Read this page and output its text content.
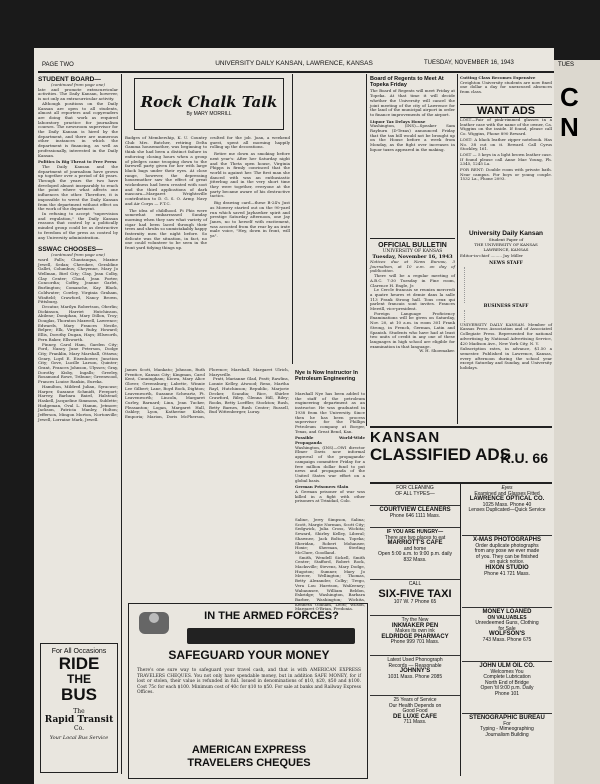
PAGE TWO	UNIVERSITY DAILY KANSAN, LAWRENCE, KANSAS	TUESDAY, NOVEMBER 16, 1943
STUDENT BOARD—
(continued from page one)
late and promote extracurricular activities. The Daily Kansan, however, is not only an extracurricular activity.
Although positions on the Daily Kansan are open to all students, almost all reporters and copyreaders are doing that work as required laboratory practice for journalism courses. The newsroom supervisor for the Daily Kansan is hired by the department, and there are numerous other instances in which the department is financing, as well as professionally, interested in the Daily Kansan.
Politics Is Big Threat to Free Press
The Daily Kansan and the department of journalism have grown up together over a period of 46 years. Through the years the two have developed almost inseparably to reach the point where what affects one influences the other. Therefore, it is impossible to wrest the Daily Kansan from the department without effect on the work of the department.
In refusing to accept "supervision and regulation," the Daily Kansan reasons that control by a politically minded group could be as destructive to freedom of the press as control by any University administration.
SSWAC CHOOSES—
(continued from page one)
ward Falls; Chautauqua, Maxine Jewell, Sedan; Cherokee, Geraldine Gallet, Columbus; Cheyenne, Mary Jo Wellman, Bird City; Clay, Jean Colby, Clay Center; Cloud, Jean Porter, Concordia; Coffey, Jeanne Garlet, Burlington; Comanche, Kay Black, Coldwater; Cowley, Virginia Graham, Winfield; Crawford, Nancy Brown, Pittsburg.
Decatur, Marilyn Robertson, Oberlin; Dickinson, Harriet Hutchinson, Abilene; Doniphan, Mary Dillon, Troy; Douglas, Thornton Maxwell, Lawrence; Edwards, Mary Frances Nestle, Belpre; Elk, Virginia Ruby, Howard; Ellis, Dorothy Dugan, Hays; Ellsworth, Fern Baker, Ellsworth.
Finney, Carol Ham, Garden City; Ford, Nancy June Peterson, Dodge City; Franklin, Mary Marshall, Ottawa; Geary, Loyd E. Eisenhower, Junction City; Gove, Lucille Larson, Quinter; Grant, Frances Johnson, Ulysses; Gray, Dorothy Kisby, Ingalls; Greeley, Rosamond Rowe, Tribune; Greenwood, Frances Louise Rankin, Eureka.
Hamilton, Mildred Julian, Syracuse; Harper, Suzanne Schmidt, Freeport; Harvey, Barbara Baird, Halstead; Haskell, Jacqueline Simmons, Sublette; Hodgeman, Oval L. Hamm, Jetmore; Jackson, Patricia Manley, Holton; Jefferson, Mingon Morton, Nortonville; Jewell, Lorraine Mark, Jewell.
For All Occasions
RIDE
THE
BUS
The
Rapid Transit
Co.
Your Local Bus Service
Rock Chalk Talk
By MARY MORRILL
Badges of Membership, K. U. Country Club Mrs. Butcher, retiring Delta Gamma housemother, was beginning to think she had been a distinct failure in enforcing closing hours when a group of pledges came trooping down to the farewell party given for her with large black bags under their eyes. At close range, however, the depressing housemother saw the effect of great wickedness had been created with soot and the third applications of dark mascara—Margaret Wrightsville contribution to D. G. S. O. Army, Navy and Air Corps — F.T.C.
The idea of childhood. Pi Phis were somewhat embarrassed Sunday morning when they saw what variety of cigar had been laced through their trees and shrubs so unmistakably happy fraternity men the night before. So delicate was the situation, in fact, no one could volunteer to be seen in the front yard tidying things up.
crulted for the job. Joan, a weekend guest, spent all morning happily rolling up the decorations.
Retire me down as smoking before next year's: After her Saturday night and the Theta open house, Virginia Phipps is firmly convinced that the world is against her. The first man she danced with was an enthusiastic jitterbug and in the very short time they were together, everyone at the party became aware of his destructive tactics.
Big drawing card—these B-24's Just as Mowery started out on the 90-yard run which saved Jayhawker spirit and prestige Saturday afternoon, one Jay Janes, no to herself with excitement, was accosted from the rear by an irate male voice, "Hey, down in front, will ya".
James Scott, Mankato; Johnson, Ruth Prentice, Kansas City; Kingman, Carol Kent, Cunningham; Kiowa, Mary Alice Glover, Greensburg; Labette, Winnie Lee Gilbert; Lane, Boyd Bock, Dighton; Leavenworth, Suzanne Schwartz, Ft. Leavenworth; Lincoln, Margaret Curley, Barnard; Linn, Jean Tucker, Pleasanton; Logan, Margaret Hall, Oakley; Lyon, Katherine Kehls, Emporia; Marion, Doris McPherson, Florence; Marshall, Margaret Ulrich, Marysville.
Pratt, Marianne Glad, Pratt; Rawlins, Lonnie Kelley, Atwood; Reno, Martha Rayl, Hutchinson; Republic, Marjorie Decker, Scandia; Rice, Shirlee Crawford, Riley, Glenna Hill, Riley; Rooks, Betty Loeffler, Stockton; Rush, Betty Barnes, Rush Center; Russell, Bud Wittenberger, Luray.
Nye is Now Instructor In Petroleum Engineering
Marshall Nye has been added to the staff of the petroleum engineering department as an instructor. He was graduated in 1938 from the University. Since then he has been process supervisor for the Phillips Petroleum company at Borger, Texas, and Great Bend, Kan.
Possible World-Wide Propaganda
Washington, (INS)—OWI director Elmer Davis now informal approval of the propaganda-campaign committee Friday for a free million dollar fund to put news and propaganda of the United States war effort on a global basis.
German Prisoners Slain
A German prisoner of war was killed in a fight with other prisoners at Trinidad, Colo.
Saline, Jerry Simpson, Salina; Scott, Margie Norman, Scott City; Sedgwick, Julia Cross, Wichita; Seward, Shirley Kelley, Liberal; Shawnee, Jack Bolton, Topeka; Sheridan, Robert Mohauser, Hoxie; Sherman, Sterling McClure, Goodland.
Smith, Wendell Sickell, Smith Center; Stafford, Robert Rock, Macksville; Stevens, Mary Dodge, Hugoton; Sumner, Mary Jo Mercer, Wellington; Thomas, Betty Alexander, Colby; Trego, Vera Lou Harrison, WaKeeney; Wabaunsee, William Beldon, Eskridge; Washington, Barbara Barber, Washington; Wichita, Kenneth Oldham, Leoti; Wilson, Margaret O'Brian, Fredonia.
IN THE ARMED FORCES?
SAFEGUARD YOUR MONEY
There's one sure way to safeguard your travel cash, and that is with AMERICAN EXPRESS TRAVELERS CHEQUES. You not only have spendable money, but in addition SAFE MONEY, for if lost or stolen, their value is refunded in full. Issued in denominations of $10, $20, $50 and $100. Cost 75c for each $100. Minimum cost of 40c for $10 to $50. For sale at banks and Railway Express Offices.
AMERICAN EXPRESS
TRAVELERS CHEQUES
Board of Regents to Meet At Topeka Friday
The Board of Regents will meet Friday at Topeka. At that time it will decide whether the University will cancel the joint meeting of the city of Lawrence for the land of the municipal airport in order to finance improvements of the airport.
Liquor Tax Delays House
Washington, (INS)—Speaker Sam Rayburn (D-Texas) announced Friday that the tax bill would not be brought up on the House before a week from Monday, as the fight over increases in liquor taxes appeared in the making.
OFFICIAL BULLETIN
UNIVERSITY OF KANSAS
Tuesday, November 16, 1943
Notices due at News Bureau, 3 Journalism, at 10 a.m. on day of publication.
There will be a regular meeting of A.B.C. 7:30 Tuesday in Fine room, Clarence H. Engle, Jr.
Le Cercle francais se reunira mercredi a quatre heures et demie dans la salle 113 Frank Strong hall. Tous ceux qui parlent francais sont invites. Frances Merrill, vice-president.
Foreign Language Proficiency Examinations will be given on Saturday, Nov. 20, at 10 a.m. in room 301 Frank Strong, in French, German, Latin and Spanish. Students who have had at least two units of credit in any one of these languages in high school are eligible for examination in that language.
W. H. Shoemaker.
Cutting Class Becomes Expensive
Creighton University students are now fined one dollar a day for unexcused absences from class.
WANT ADS
LOST—Pair of pink-rimmed glasses in a leather case with the name of the owner, Ca. Wiggins on the inside. If found, please call Co. Wiggins, Phone 890 Reward.
LOST: A black leather zipper notebook. Has No. 38 cut on it. Reward. Call Cyrus Stockley, 161.
LOST — 5 keys in a light brown leather case. If found please call Anne Mae Young, Ph. 2345, 1245 La.
FOR RENT: Double room with private bath. Near campus. For boys or young couple. 1532 La., Phone 2093.
University Daily Kansan
Student Paper of
THE UNIVERSITY OF KANSAS
LAWRENCE, KANSAS
Editor-in-chief ......... Jay Miller
NEWS STAFF
BUSINESS STAFF
UNIVERSITY DAILY KANSAN. Member of Kansas Press Association and of Associated Collegiate Press. Represented for national advertising by National Advertising Service, 420 Madison Ave., New York City, N. Y.
Subscription rates, in advance, $1.50 a semester. Published in Lawrence, Kansas, every afternoon during the school year except Saturday and Sunday, and University holidays.
KANSAN
CLASSIFIED ADS
K.U. 66
FOR CLEANING
OF ALL TYPES—
COURTVIEW CLEANERS
Phone 646 1111 Mass.
IF YOU ARE HUNGRY—
There are two places to eat
MARRIOTT'S CAFE
and home
Open 5:00 a.m. to 9:00 p.m. daily
832 Mass.
CALL
SIX-FIVE TAXI
107 W. 7 Phone 65
Try the New
INKMAKER PEN
Makes its own ink
ELDRIDGE PHARMACY
Phone 999 701 Mass.
Latest Used Phonograph
Records — Reasonable
JOHNNY'S
1031 Mass. Phone 2085
25 Years of Service
Our Health Depends on
Good Food
DE LUXE CAFE
711 Mass.
Eyes
Examined and Glasses Fitted
LAWRENCE OPTICAL CO.
1025 Mass. Phone 40
Lenses Duplicated—Quick Service
X-MAS PHOTOGRAPHS
Order duplicate photographs
from any pose we ever made
of you. They can be finished
on quick notice.
HIXON STUDIO
Phone 41 721 Mass.
MONEY LOANED
ON VALUABLES
Unredeemed Guns, Clothing
for Sale
WOLFSON'S
743 Mass. Phone 675
JOHN ULM OIL CO.
Welcomes You
Complete Lubrication
North End of Bridge
Open 'til 9:00 p.m. Daily
Phone 101
STENOGRAPHIC BUREAU
For
Typing - Mimeographing
Journalism Building
TUES
C
N
